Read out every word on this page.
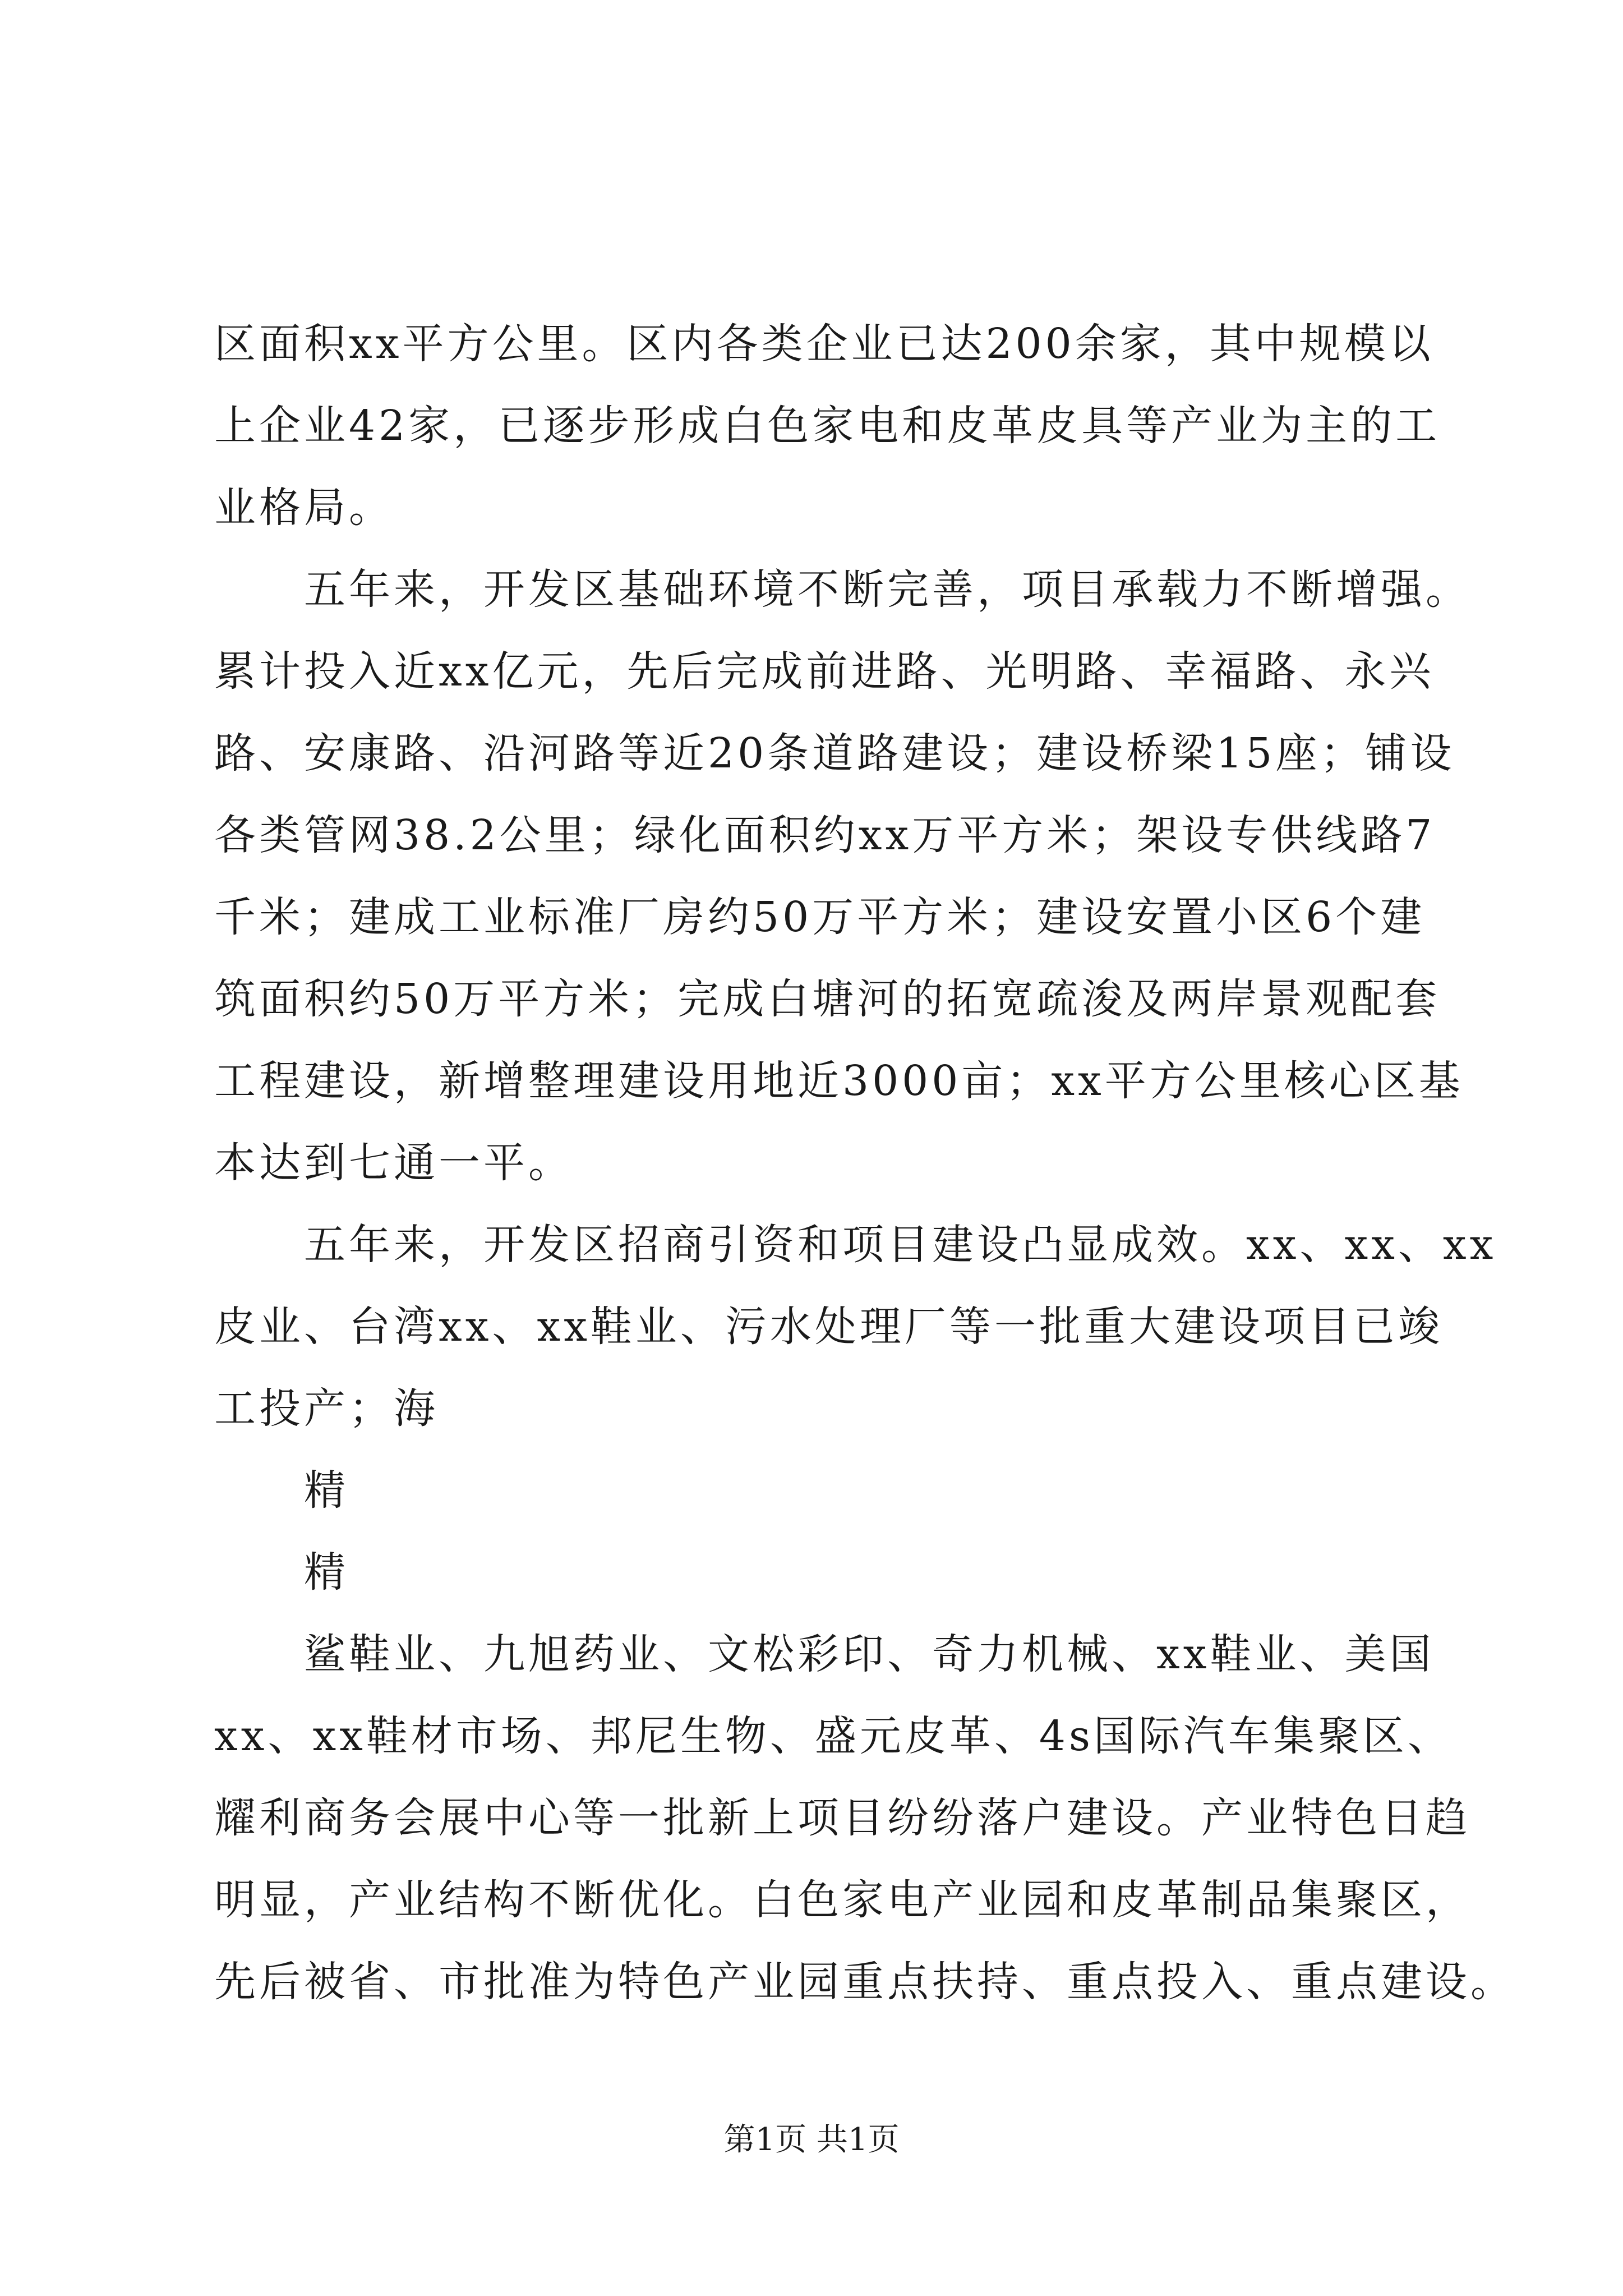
区面积xx平方公里。区内各类企业已达200余家，其中规模以
上企业42家，已逐步形成白色家电和皮革皮具等产业为主的工
业格局。
　　五年来，开发区基础环境不断完善，项目承载力不断增强。
累计投入近xx亿元，先后完成前进路、光明路、幸福路、永兴
路、安康路、沿河路等近20条道路建设；建设桥梁15座；铺设
各类管网38.2公里；绿化面积约xx万平方米；架设专供线路7
千米；建成工业标准厂房约50万平方米；建设安置小区6个建
筑面积约50万平方米；完成白塘河的拓宽疏浚及两岸景观配套
工程建设，新增整理建设用地近3000亩；xx平方公里核心区基
本达到七通一平。
　　五年来，开发区招商引资和项目建设凸显成效。xx、xx、xx
皮业、台湾xx、xx鞋业、污水处理厂等一批重大建设项目已竣
工投产；海
　　精
　　精
　　鲨鞋业、九旭药业、文松彩印、奇力机械、xx鞋业、美国
xx、xx鞋材市场、邦尼生物、盛元皮革、4s国际汽车集聚区、
耀利商务会展中心等一批新上项目纷纷落户建设。产业特色日趋
明显，产业结构不断优化。白色家电产业园和皮革制品集聚区，
先后被省、市批准为特色产业园重点扶持、重点投入、重点建设。
第1页 共1页
